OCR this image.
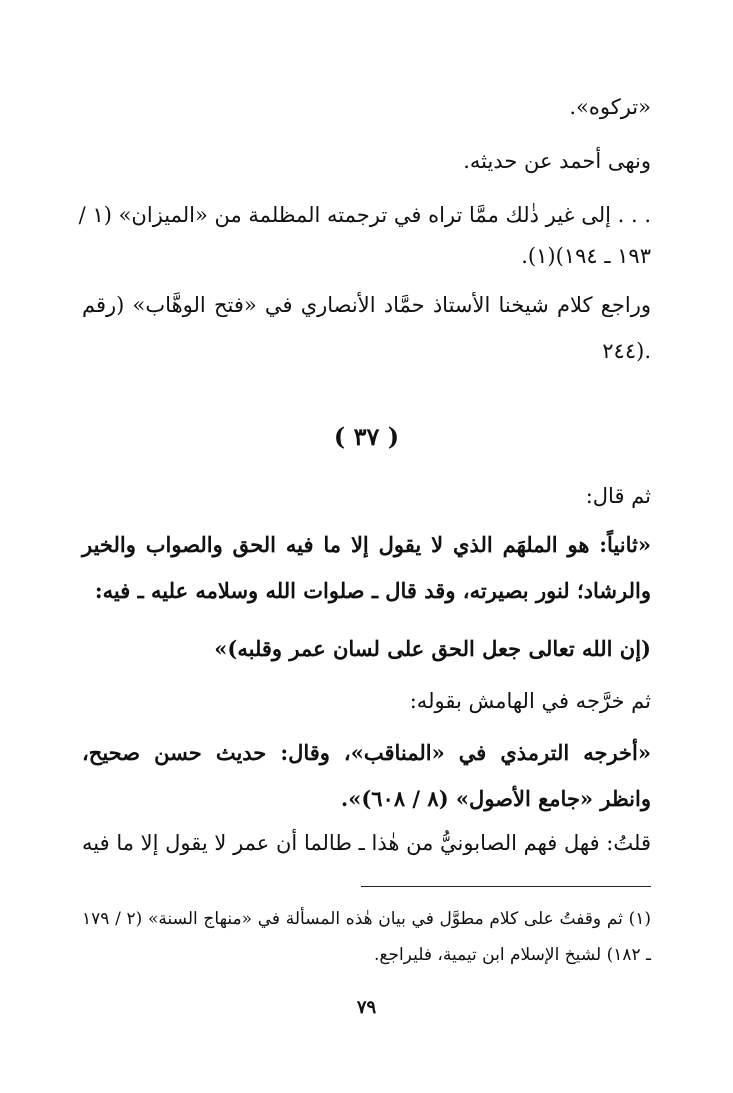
«تركوه».
ونهى أحمد عن حديثه.
. . . إلى غير ذٰلك ممَّا تراه في ترجمته المظلمة من «الميزان» (١ /
١٩٣ ـ ١٩٤)(١).
وراجع كلام شيخنا الأستاذ حمَّاد الأنصاري في «فتح الوهَّاب» (رقم
٢٤٤).
( ٣٧ )
ثم قال:
«ثانياً: هو الملهَم الذي لا يقول إلا ما فيه الحق والصواب والخير
والرشاد؛ لنور بصيرته، وقد قال ـ صلوات الله وسلامه عليه ـ فيه:
(إن الله تعالى جعل الحق على لسان عمر وقلبه)»
ثم خرَّجه في الهامش بقوله:
«أخرجه الترمذي في «المناقب»، وقال: حديث حسن صحيح،
وانظر «جامع الأصول» (٨ / ٦٠٨)».
قلتُ: فهل فهم الصابونيُّ من هٰذا ـ طالما أن عمر لا يقول إلا ما فيه
(١) ثم وقفتُ على كلام مطوَّل في بيان هٰذه المسألة في «منهاج السنة» (٢ / ١٧٩
ـ ١٨٢) لشيخ الإسلام ابن تيمية، فليراجع.
٧٩
